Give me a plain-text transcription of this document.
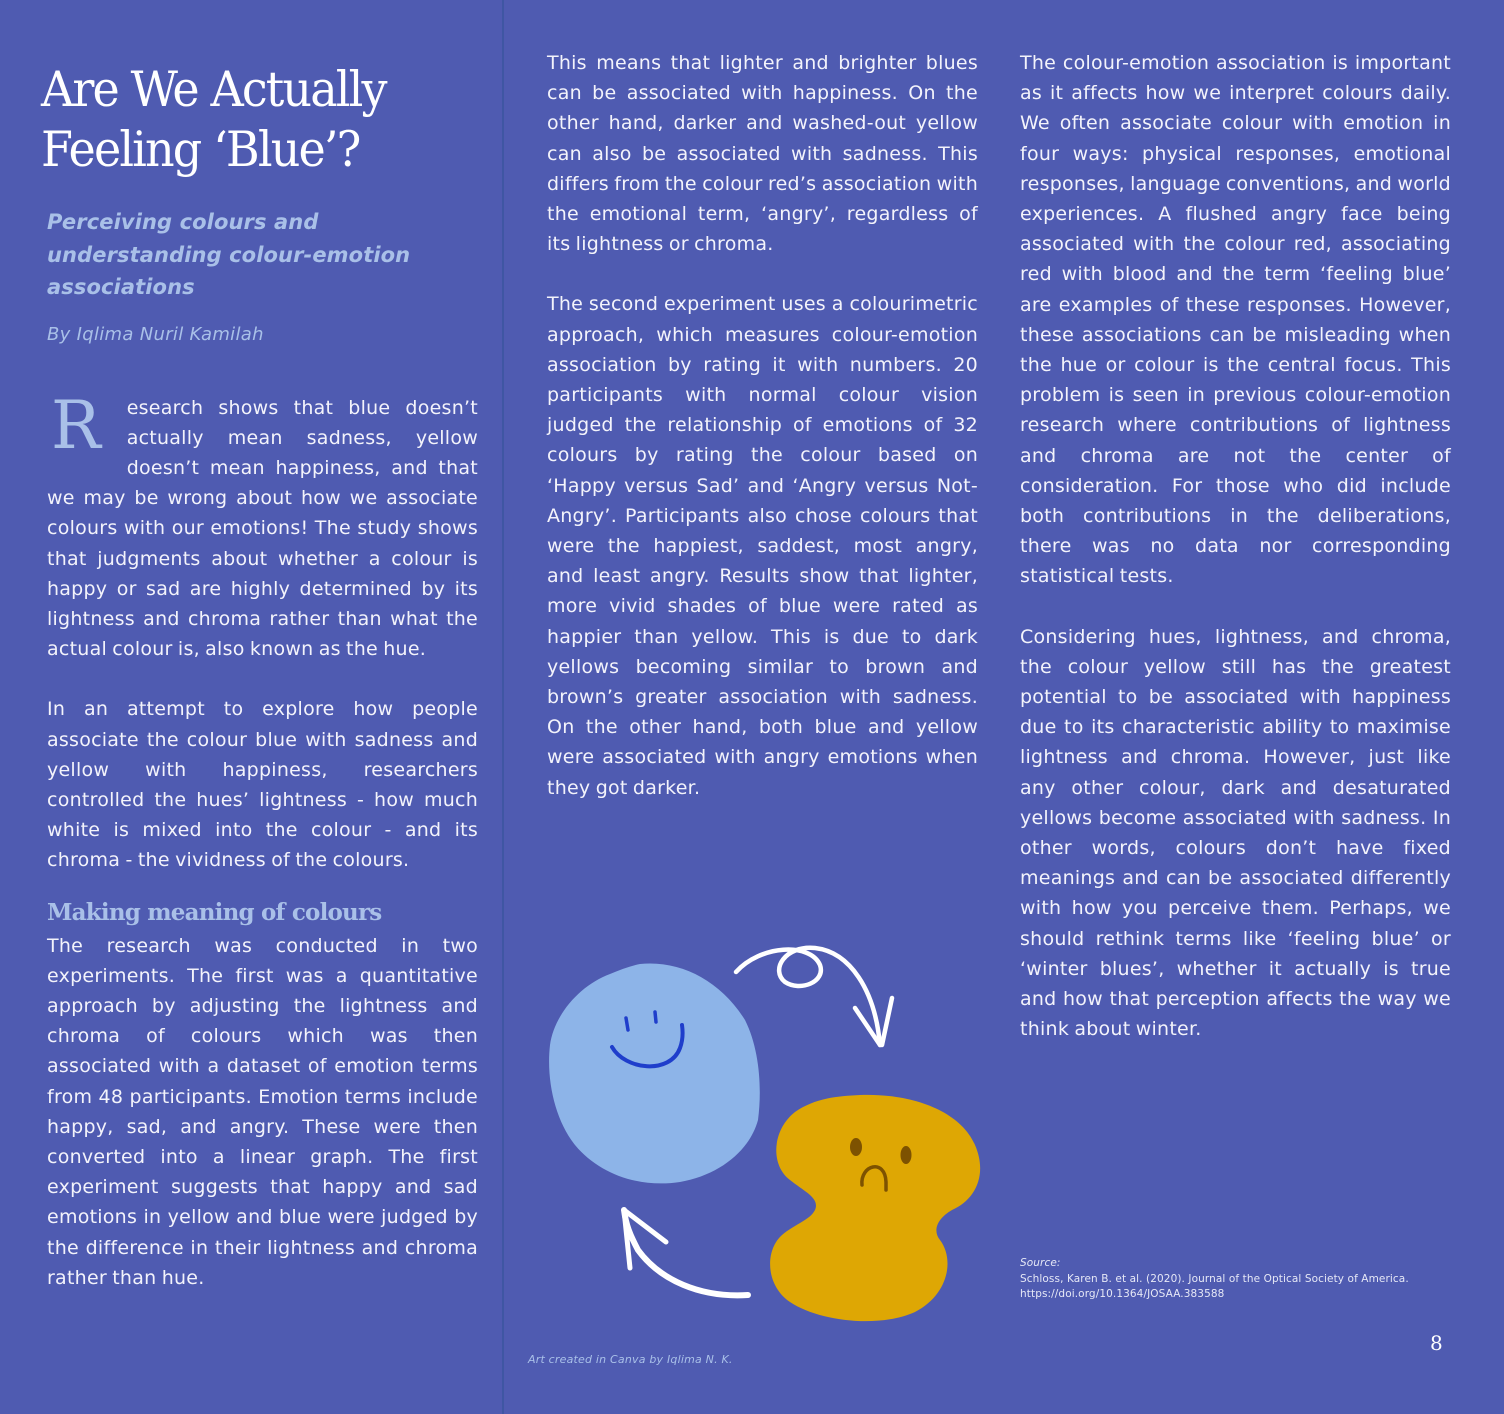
Are We Actually
Feeling ‘Blue’?
Perceiving colours and understanding colour-emotion associations
By Iqlima Nuril Kamilah
R	esearch shows that blue doesn’t actually mean sadness, yellow doesn’t mean happiness, and that we may be wrong about how we associate colours with our emotions! The study shows that judgments about whether a colour is happy or sad are highly determined by its lightness and chroma rather than what the actual colour is, also known as the hue.

In an attempt to explore how people associate the colour blue with sadness and yellow with happiness, researchers controlled the hues’ lightness - how much white is mixed into the colour - and its chroma - the vividness of the colours.

Making meaning of colours

The research was conducted in two experiments. The first was a quantitative approach by adjusting the lightness and chroma of colours which was then associated with a dataset of emotion terms from 48 participants. Emotion terms include happy, sad, and angry. These were then converted into a linear graph. The first experiment suggests that happy and sad emotions in yellow and blue were judged by the difference in their lightness and chroma rather than hue.

This means that lighter and brighter blues can be associated with happiness. On the other hand, darker and washed-out yellow can also be associated with sadness. This differs from the colour red’s association with the emotional term, ‘angry’, regardless of its lightness or chroma.

The second experiment uses a colourimetric approach, which measures colour-emotion association by rating it with numbers. 20 participants with normal colour vision judged the relationship of emotions of 32 colours by rating the colour based on ‘Happy versus Sad’ and ‘Angry versus Not-Angry’. Participants also chose colours that were the happiest, saddest, most angry, and least angry. Results show that lighter, more vivid shades of blue were rated as happier than yellow. This is due to dark yellows becoming similar to brown and brown’s greater association with sadness. On the other hand, both blue and yellow were associated with angry emotions when they got darker.

Art created in Canva by Iqlima N. K.

The colour-emotion association is important as it affects how we interpret colours daily. We often associate colour with emotion in four ways: physical responses, emotional responses, language conventions, and world experiences. A flushed angry face being associated with the colour red, associating red with blood and the term ‘feeling blue’ are examples of these responses. However, these associations can be misleading when the hue or colour is the central focus. This problem is seen in previous colour-emotion research where contributions of lightness and chroma are not the center of consideration. For those who did include both contributions in the deliberations, there was no data nor corresponding statistical tests.

Considering hues, lightness, and chroma, the colour yellow still has the greatest potential to be associated with happiness due to its characteristic ability to maximise lightness and chroma. However, just like any other colour, dark and desaturated yellows become associated with sadness. In other words, colours don’t have fixed meanings and can be associated differently with how you perceive them. Perhaps, we should rethink terms like ‘feeling blue’ or ‘winter blues’, whether it actually is true and how that perception affects the way we think about winter.

Source:
Schloss, Karen B. et al. (2020). Journal of the Optical Society of America.
https://doi.org/10.1364/JOSAA.383588
8
